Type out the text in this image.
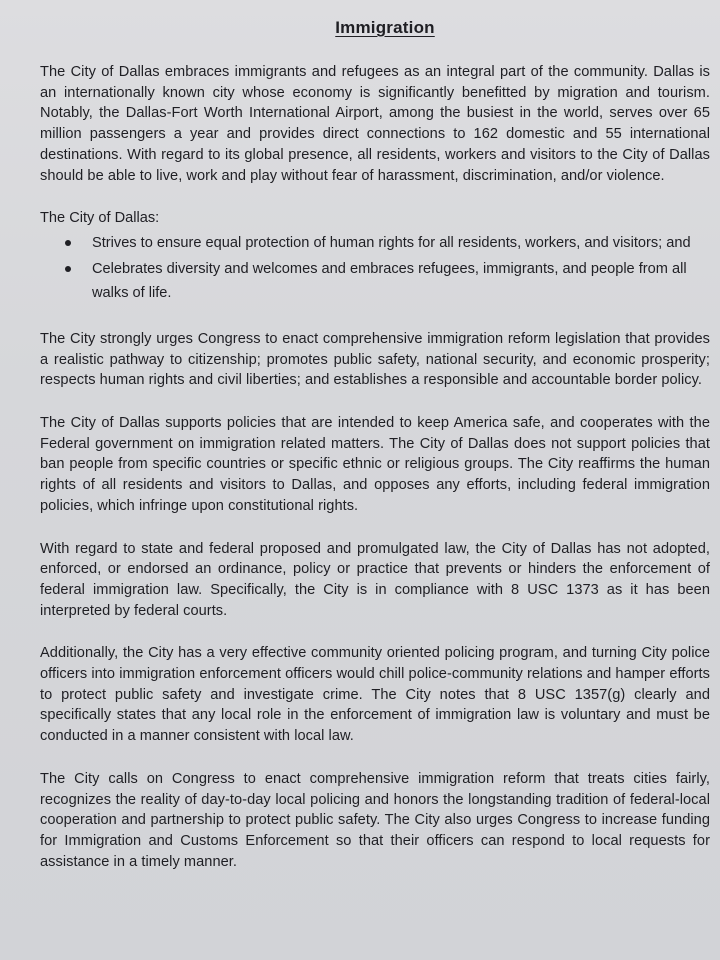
Immigration

The City of Dallas embraces immigrants and refugees as an integral part of the community. Dallas is an internationally known city whose economy is significantly benefitted by migration and tourism. Notably, the Dallas-Fort Worth International Airport, among the busiest in the world, serves over 65 million passengers a year and provides direct connections to 162 domestic and 55 international destinations. With regard to its global presence, all residents, workers and visitors to the City of Dallas should be able to live, work and play without fear of harassment, discrimination, and/or violence.

The City of Dallas:

Strives to ensure equal protection of human rights for all residents, workers, and visitors; and
Celebrates diversity and welcomes and embraces refugees, immigrants, and people from all walks of life.

The City strongly urges Congress to enact comprehensive immigration reform legislation that provides a realistic pathway to citizenship; promotes public safety, national security, and economic prosperity; respects human rights and civil liberties; and establishes a responsible and accountable border policy.

The City of Dallas supports policies that are intended to keep America safe, and cooperates with the Federal government on immigration related matters. The City of Dallas does not support policies that ban people from specific countries or specific ethnic or religious groups. The City reaffirms the human rights of all residents and visitors to Dallas, and opposes any efforts, including federal immigration policies, which infringe upon constitutional rights.

With regard to state and federal proposed and promulgated law, the City of Dallas has not adopted, enforced, or endorsed an ordinance, policy or practice that prevents or hinders the enforcement of federal immigration law. Specifically, the City is in compliance with 8 USC 1373 as it has been interpreted by federal courts.

Additionally, the City has a very effective community oriented policing program, and turning City police officers into immigration enforcement officers would chill police-community relations and hamper efforts to protect public safety and investigate crime. The City notes that 8 USC 1357(g) clearly and specifically states that any local role in the enforcement of immigration law is voluntary and must be conducted in a manner consistent with local law.

The City calls on Congress to enact comprehensive immigration reform that treats cities fairly, recognizes the reality of day-to-day local policing and honors the longstanding tradition of federal-local cooperation and partnership to protect public safety. The City also urges Congress to increase funding for Immigration and Customs Enforcement so that their officers can respond to local requests for assistance in a timely manner.
